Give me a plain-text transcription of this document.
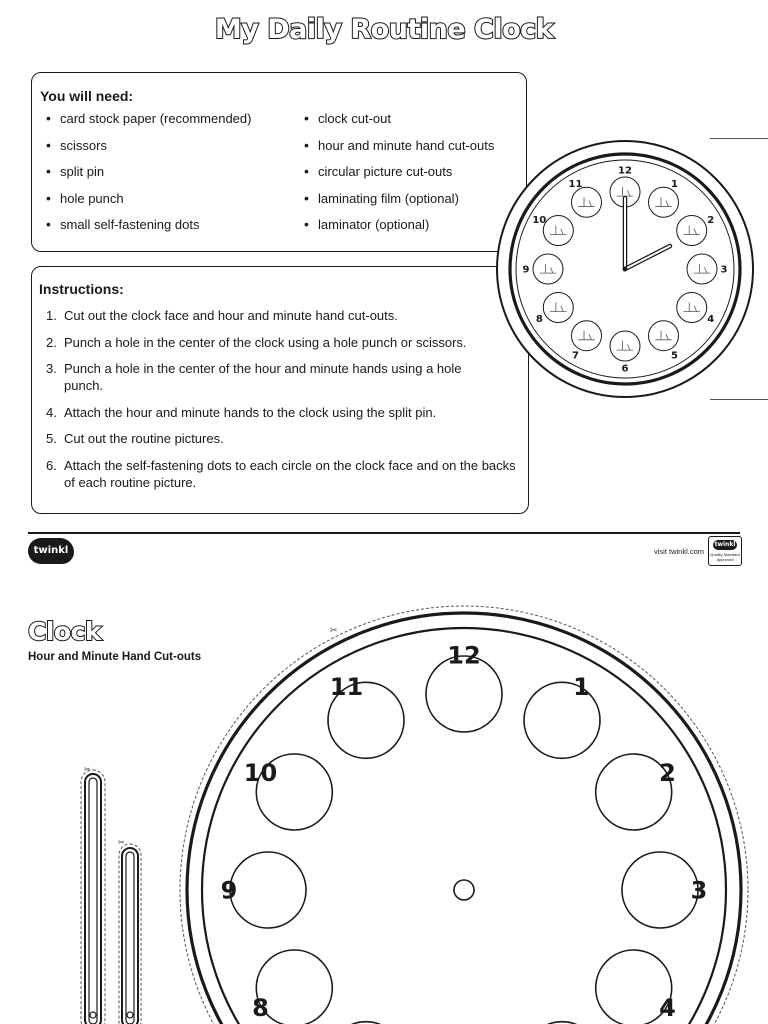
My Daily Routine Clock
You will need:
• card stock paper (recommended)
• scissors
• split pin
• hole punch
• small self-fastening dots
• clock cut-out
• hour and minute hand cut-outs
• circular picture cut-outs
• laminating film (optional)
• laminator (optional)
Instructions:
1. Cut out the clock face and hour and minute hand cut-outs.
2. Punch a hole in the center of the clock using a hole punch or scissors.
3. Punch a hole in the center of the hour and minute hands using a hole punch.
4. Attach the hour and minute hands to the clock using the split pin.
5. Cut out the routine pictures.
6. Attach the self-fastening dots to each circle on the clock face and on the backs of each routine picture.
12
1
2
3
4
5
6
7
8
9
10
11
twinkl	visit twinkl.com
twinkl
Quality Standard Approved
✂
12
1
2
3
4
8
9
10
11
✂
✂
Clock
Hour and Minute Hand Cut-outs
